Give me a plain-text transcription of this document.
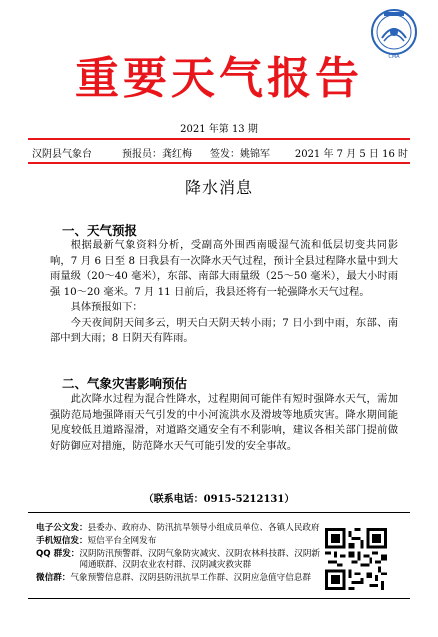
CMA
重要天气报告
2021 年第 13 期
汉阴县气象台	预报员：龚红梅 签发：姚锦军 2021 年 7 月 5 日 16 时
降水消息
一、天气预报

根据最新气象资料分析，受副高外围西南暖湿气流和低层切变共同影响，7 月 6 日至 8 日我县有一次降水天气过程，预计全县过程降水量中到大雨量级（20～40 毫米），东部、南部大雨量级（25～50 毫米），最大小时雨强 10～20 毫米。7 月 11 日前后，我县还将有一轮强降水天气过程。

具体预报如下：

今天夜间阴天间多云，明天白天阴天转小雨；7 日小到中雨，东部、南部中到大雨；8 日阴天有阵雨。

二、气象灾害影响预估

此次降水过程为混合性降水，过程期间可能伴有短时强降水天气，需加强防范局地强降雨天气引发的中小河流洪水及滑坡等地质灾害。降水期间能见度较低且道路湿滑，对道路交通安全有不利影响，建议各相关部门提前做好防御应对措施，防范降水天气可能引发的安全事故。

（联系电话：0915-5212131）
电子公文发： 县委办、政府办、防汛抗旱领导小组成员单位、各镇人民政府
手机短信发： 短信平台全网发布
QQ 群发： 汉阴防汛预警群、汉阴气象防灾减灾、汉阴农林科技群、汉阴新闻通联群、汉阴农业农村群、汉阴减灾救灾群
微信群： 气象预警信息群、汉阴县防汛抗旱工作群、汉阴应急值守信息群
